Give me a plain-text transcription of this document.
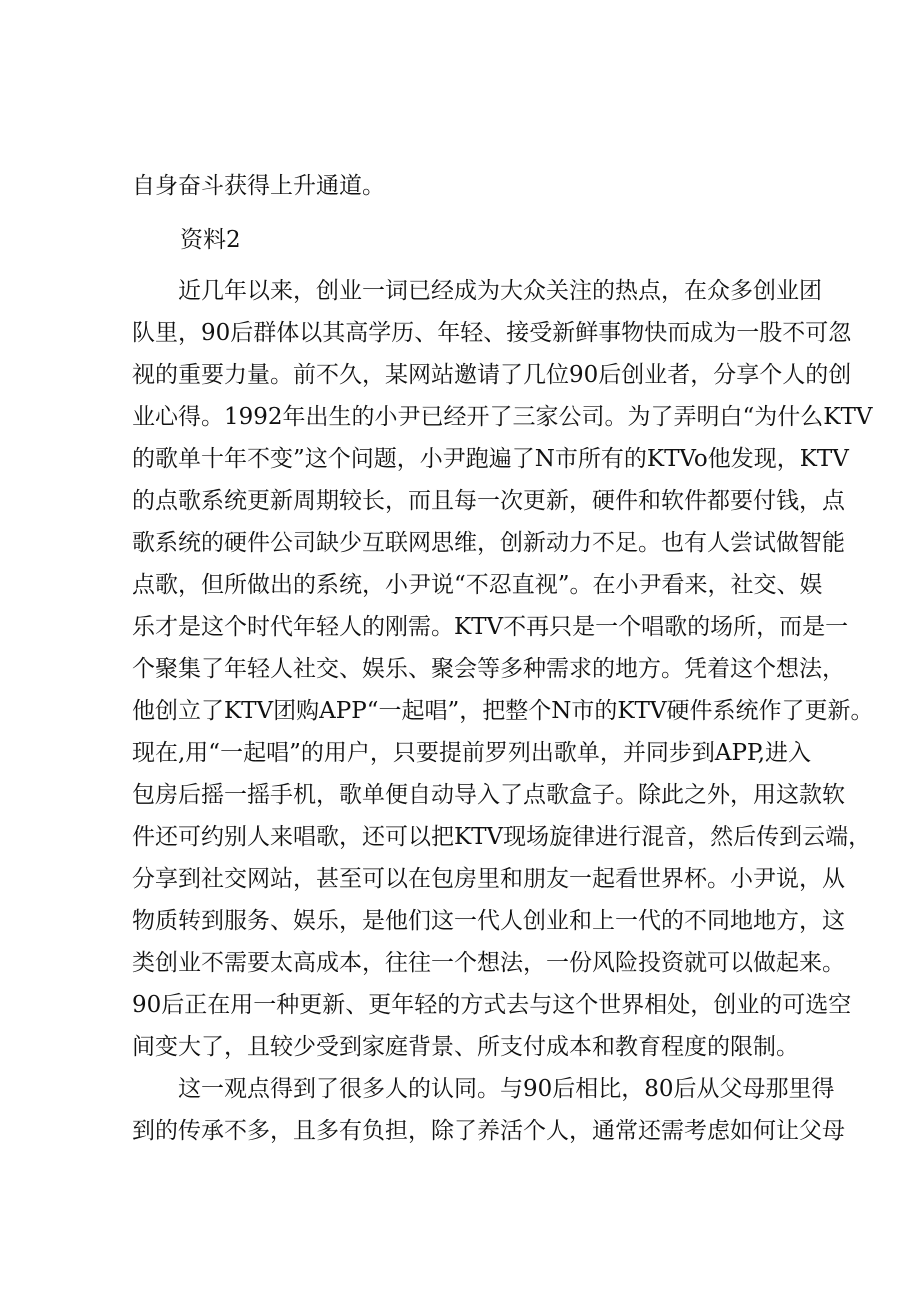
自身奋斗获得上升通道。
资料2
近几年以来，创业一词已经成为大众关注的热点，在众多创业团
队里，90后群体以其高学历、年轻、接受新鲜事物快而成为一股不可忽
视的重要力量。前不久，某网站邀请了几位90后创业者，分享个人的创
业心得。1992年出生的小尹已经开了三家公司。为了弄明白“为什么KTV
的歌单十年不变”这个问题，小尹跑遍了N市所有的KTVo他发现，KTV
的点歌系统更新周期较长，而且每一次更新，硬件和软件都要付钱，点
歌系统的硬件公司缺少互联网思维，创新动力不足。也有人尝试做智能
点歌，但所做出的系统，小尹说“不忍直视”。在小尹看来，社交、娱
乐才是这个时代年轻人的刚需。KTV不再只是一个唱歌的场所，而是一
个聚集了年轻人社交、娱乐、聚会等多种需求的地方。凭着这个想法，
他创立了KTV团购APP“一起唱”，把整个N市的KTV硬件系统作了更新。
现在,用“一起唱”的用户，只要提前罗列出歌单，并同步到APP,进入
包房后摇一摇手机，歌单便自动导入了点歌盒子。除此之外，用这款软
件还可约别人来唱歌，还可以把KTV现场旋律进行混音，然后传到云端，
分享到社交网站，甚至可以在包房里和朋友一起看世界杯。小尹说，从
物质转到服务、娱乐，是他们这一代人创业和上一代的不同地地方，这
类创业不需要太高成本，往往一个想法，一份风险投资就可以做起来。
90后正在用一种更新、更年轻的方式去与这个世界相处，创业的可选空
间变大了，且较少受到家庭背景、所支付成本和教育程度的限制。
这一观点得到了很多人的认同。与90后相比，80后从父母那里得
到的传承不多，且多有负担，除了养活个人，通常还需考虑如何让父母
